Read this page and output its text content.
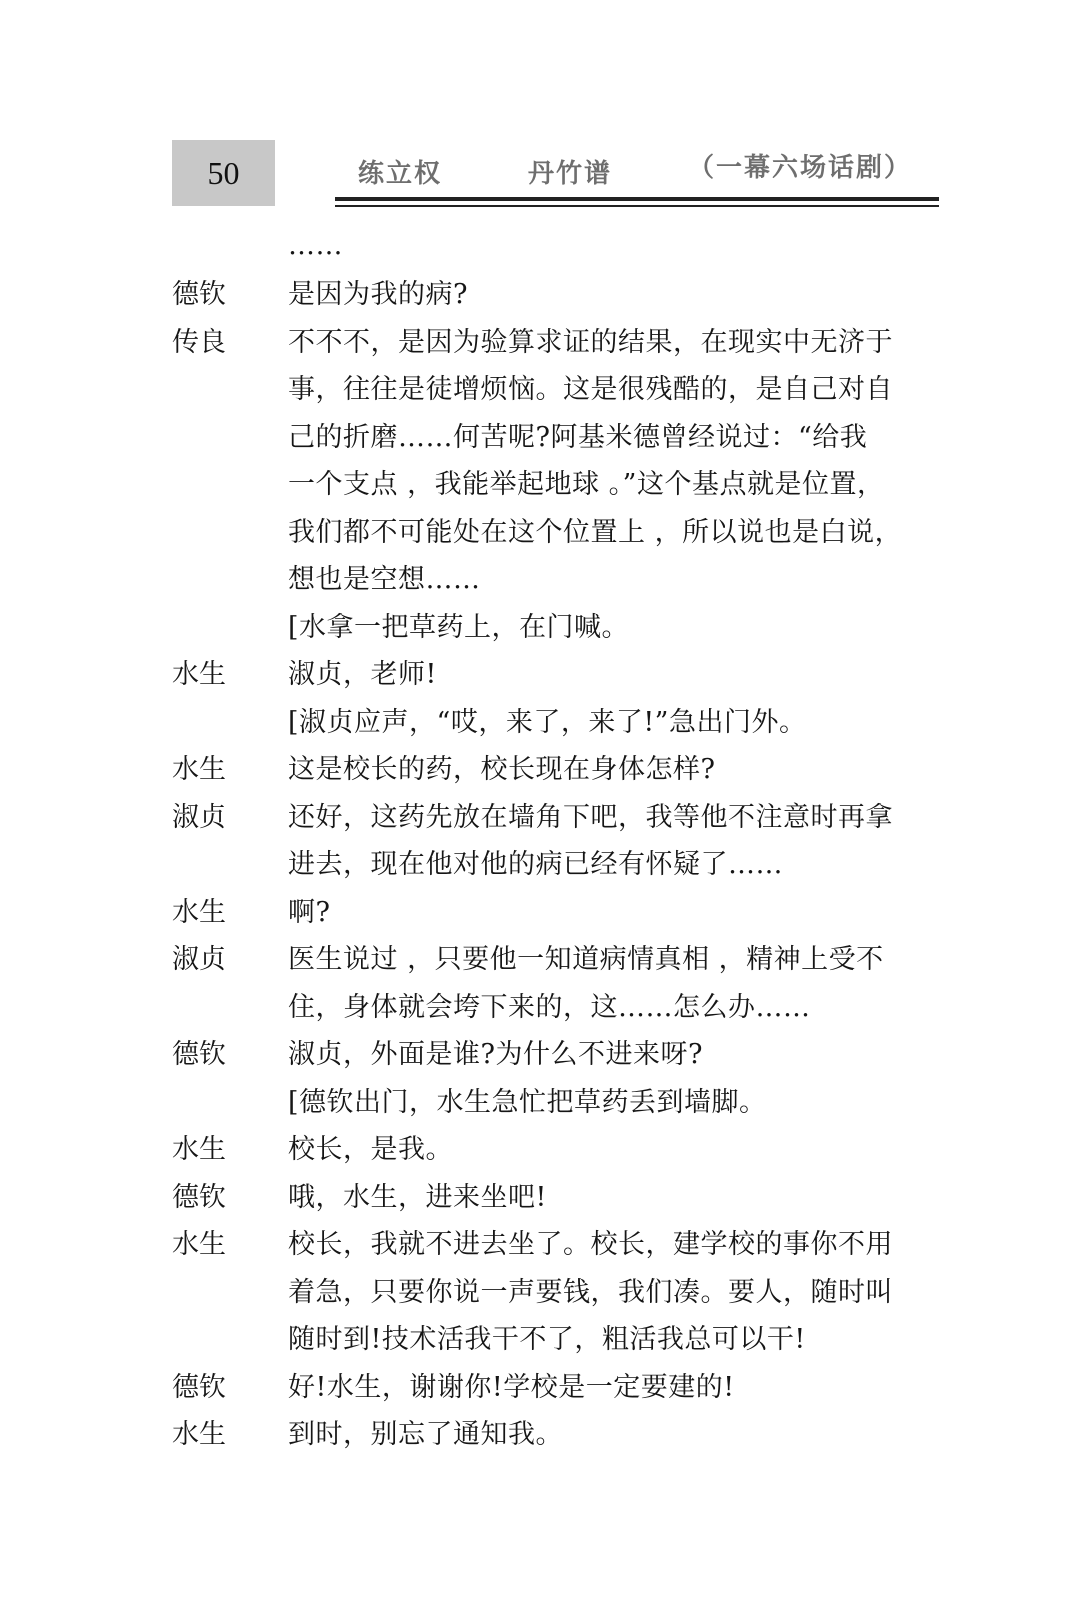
50	练立权	丹竹谱	（一幕六场话剧）
……
德钦	是因为我的病?
传良	不不不，是因为验算求证的结果，在现实中无济于
事，往往是徒增烦恼。这是很残酷的，是自己对自
己的折磨……何苦呢?阿基米德曾经说过：“给我
一个支点 ，我能举起地球 。”这个基点就是位置，
我们都不可能处在这个位置上 ，所以说也是白说，
想也是空想……
[水拿一把草药上，在门喊。
水生	淑贞，老师!
[淑贞应声，“哎，来了，来了!”急出门外。
水生	这是校长的药，校长现在身体怎样?
淑贞	还好，这药先放在墙角下吧，我等他不注意时再拿
进去，现在他对他的病已经有怀疑了……
水生	啊?
淑贞	医生说过 ，只要他一知道病情真相 ，精神上受不
住，身体就会垮下来的，这……怎么办……
德钦	淑贞，外面是谁?为什么不进来呀?
[德钦出门，水生急忙把草药丢到墙脚。
水生	校长，是我。
德钦	哦，水生，进来坐吧!
水生	校长，我就不进去坐了。校长，建学校的事你不用
着急，只要你说一声要钱，我们凑。要人，随时叫
随时到!技术活我干不了，粗活我总可以干!
德钦	好!水生，谢谢你!学校是一定要建的!
水生	到时，别忘了通知我。
